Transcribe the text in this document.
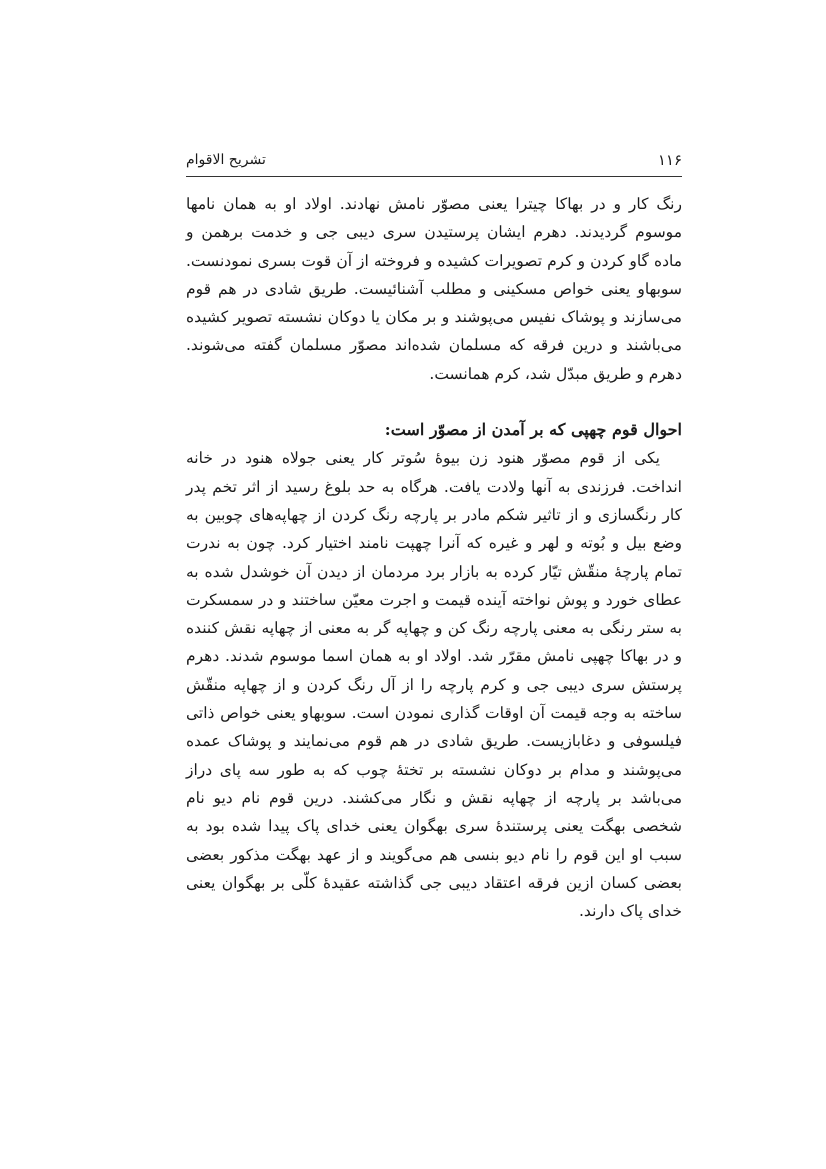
تشریح الاقوام	۱۱۶

رنگ کار و در بهاکا چیترا یعنی مصوّر نامش نهادند. اولاد او به همان نامها موسوم گردیدند. دهرم ایشان پرستیدن سری دیبی جی و خدمت برهمن و ماده گاو کردن و کرم تصویرات کشیده و فروخته از آن قوت بسری نمودنست. سوبهاو یعنی خواص مسکینی و مطلب آشنائیست. طریق شادی در هم قوم می‌سازند و پوشاک نفیس می‌پوشند و بر مکان یا دوکان نشسته تصویر کشیده می‌باشند و درین فرقه که مسلمان شده‌اند مصوّر مسلمان گفته می‌شوند. دهرم و طریق مبدّل شد، کرم همانست.

احوال قوم چهپی که بر آمدن از مصوّر است:

یکی از قوم مصوّر هنود زن بیوهٔ سُوتر کار یعنی جولاه هنود در خانه انداخت. فرزندی به آنها ولادت یافت. هرگاه به حد بلوغ رسید از اثر تخم پدر کار رنگسازی و از تاثیر شکم مادر بر پارچه رنگ کردن از چهاپه‌های چوبین به وضع بیل و بُوته و لهر و غیره که آنرا چهپت نامند اختیار کرد. چون به ندرت تمام پارچهٔ منقّش تیّار کرده به بازار برد مردمان از دیدن آن خوشدل شده به عطای خورد و پوش نواخته آینده قیمت و اجرت معیّن ساختند و در سمسکرت به ستر رنگی به معنی پارچه رنگ کن و چهاپه گر به معنی از چهاپه نقش کننده و در بهاکا چهپی نامش مقرّر شد. اولاد او به همان اسما موسوم شدند. دهرم پرستش سری دیبی جی و کرم پارچه را از آل رنگ کردن و از چهاپه منقّش ساخته به وجه قیمت آن اوقات گذاری نمودن است. سوبهاو یعنی خواص ذاتی فیلسوفی و دغابازیست. طریق شادی در هم قوم می‌نمایند و پوشاک عمده می‌پوشند و مدام بر دوکان نشسته بر تختهٔ چوب که به طور سه پای دراز می‌باشد بر پارچه از چهاپه نقش و نگار می‌کشند. درین قوم نام دیو نام شخصی بهگت یعنی پرستندهٔ سری بهگوان یعنی خدای پاک پیدا شده بود به سبب او این قوم را نام دیو بنسی هم می‌گویند و از عهد بهگت مذکور بعضی بعضی کسان ازین فرقه اعتقاد دیبی جی گذاشته عقیدهٔ کلّی بر بهگوان یعنی خدای پاک دارند.
